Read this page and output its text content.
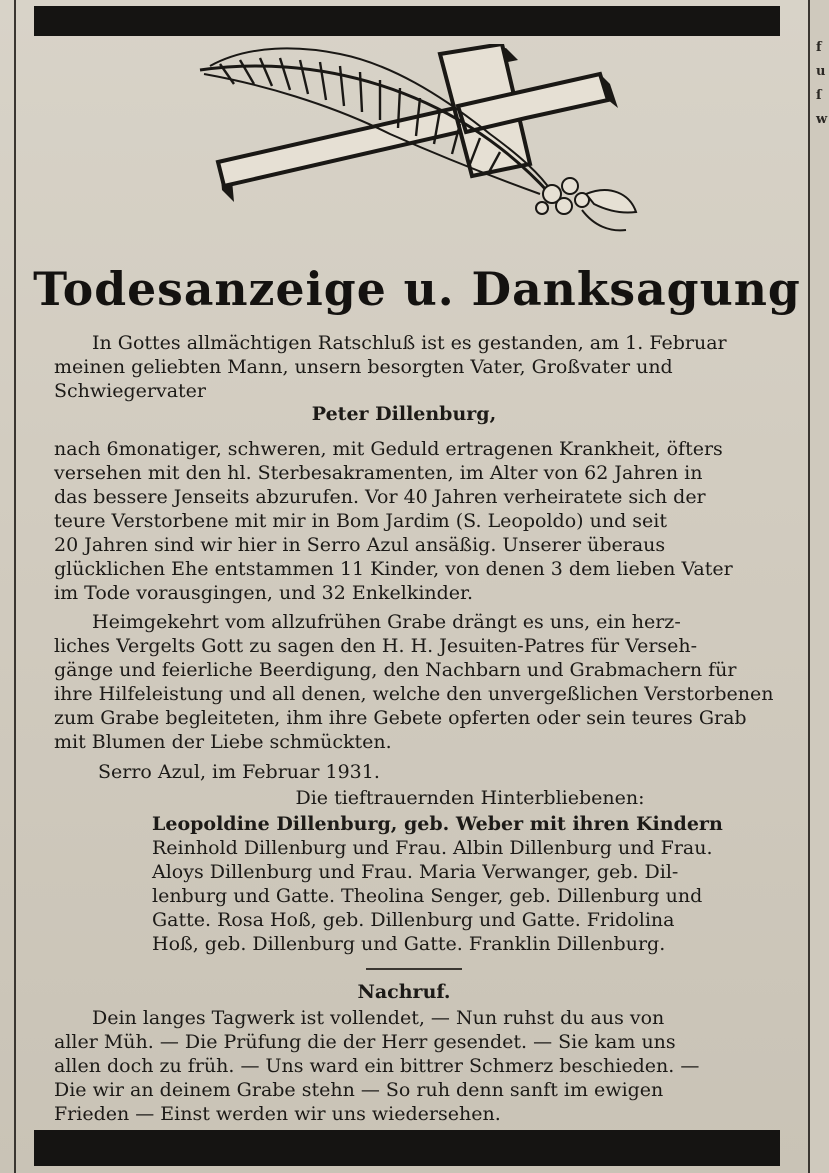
f
u
ſ
w
Todesanzeige u. Danksagung
In Gottes allmächtigen Ratschluß ist es gestanden, am 1. Februar
meinen geliebten Mann, unsern besorgten Vater, Großvater und
Schwiegervater
Peter Dillenburg,
nach 6monatiger, schweren, mit Geduld ertragenen Krankheit, öfters
versehen mit den hl. Sterbesakramenten, im Alter von 62 Jahren in
das bessere Jenseits abzurufen. Vor 40 Jahren verheiratete sich der
teure Verstorbene mit mir in Bom Jardim (S. Leopoldo) und seit
20 Jahren sind wir hier in Serro Azul ansäßig. Unserer überaus
glücklichen Ehe entstammen 11 Kinder, von denen 3 dem lieben Vater
im Tode vorausgingen, und 32 Enkelkinder.
Heimgekehrt vom allzufrühen Grabe drängt es uns, ein herz-
liches Vergelts Gott zu sagen den H. H. Jesuiten-Patres für Verseh-
gänge und feierliche Beerdigung, den Nachbarn und Grabmachern für
ihre Hilfeleistung und all denen, welche den unvergeßlichen Verstorbenen
zum Grabe begleiteten, ihm ihre Gebete opferten oder sein teures Grab
mit Blumen der Liebe schmückten.
Serro Azul, im Februar 1931.
Die tieftrauernden Hinterbliebenen:
Leopoldine Dillenburg, geb. Weber mit ihren Kindern
Reinhold Dillenburg und Frau. Albin Dillenburg und Frau.
Aloys Dillenburg und Frau. Maria Verwanger, geb. Dil-
lenburg und Gatte. Theolina Senger, geb. Dillenburg und
Gatte. Rosa Hoß, geb. Dillenburg und Gatte. Fridolina
Hoß, geb. Dillenburg und Gatte. Franklin Dillenburg.
Nachruf.
Dein langes Tagwerk ist vollendet, — Nun ruhst du aus von
aller Müh. — Die Prüfung die der Herr gesendet. — Sie kam uns
allen doch zu früh. — Uns ward ein bittrer Schmerz beschieden. —
Die wir an deinem Grabe stehn — So ruh denn sanft im ewigen
Frieden — Einst werden wir uns wiedersehen.
